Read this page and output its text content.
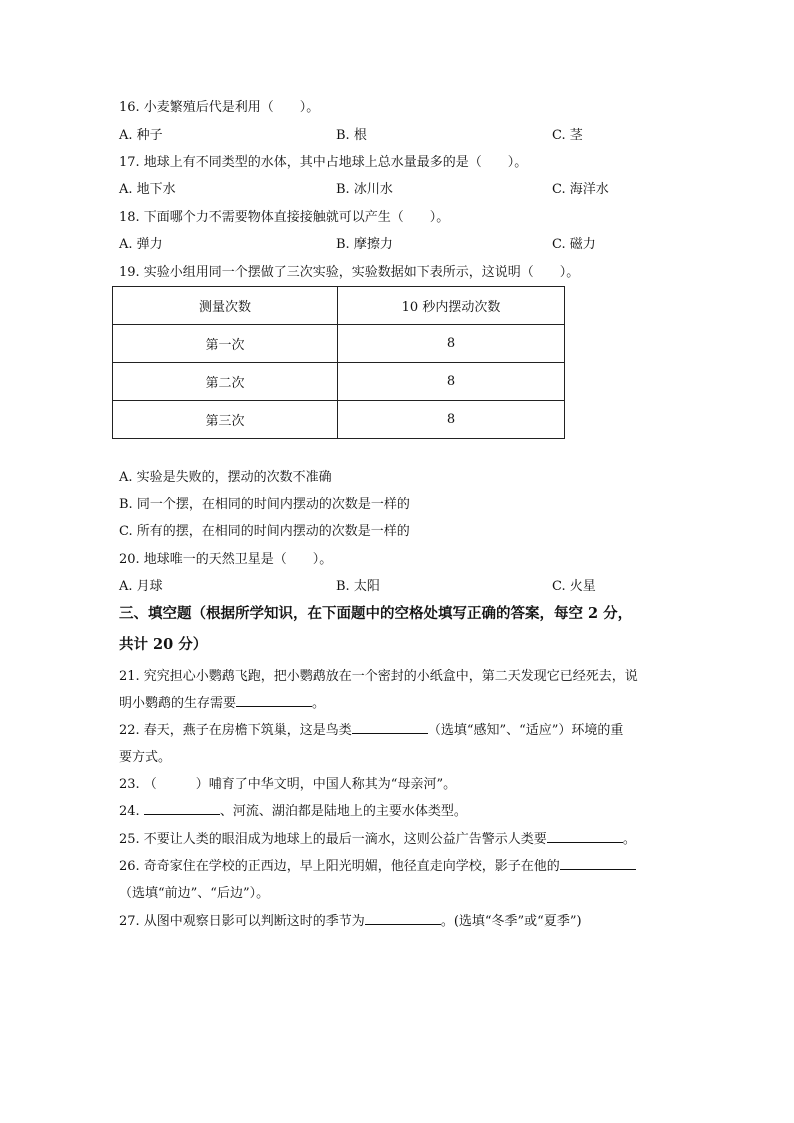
16. 小麦繁殖后代是利用（　　）。
A. 种子	B. 根	C. 茎
17. 地球上有不同类型的水体，其中占地球上总水量最多的是（　　）。
A. 地下水	B. 冰川水	C. 海洋水
18. 下面哪个力不需要物体直接接触就可以产生（　　）。
A. 弹力	B. 摩擦力	C. 磁力
19. 实验小组用同一个摆做了三次实验，实验数据如下表所示，这说明（　　）。
测量次数	10 秒内摆动次数
第一次	8
第二次	8
第三次	8
A. 实验是失败的，摆动的次数不准确
B. 同一个摆，在相同的时间内摆动的次数是一样的
C. 所有的摆，在相同的时间内摆动的次数是一样的
20. 地球唯一的天然卫星是（　　）。
A. 月球	B. 太阳	C. 火星
三、填空题（根据所学知识，在下面题中的空格处填写正确的答案，每空 2 分，
共计 20 分）
21. 究究担心小鹦鹉飞跑，把小鹦鹉放在一个密封的小纸盒中，第二天发现它已经死去，说
明小鹦鹉的生存需要	。
22. 春天，燕子在房檐下筑巢，这是鸟类	（选填“感知”、“适应”）环境的重
要方式。
23. （　　　）哺育了中华文明，中国人称其为“母亲河”。
24.	、河流、湖泊都是陆地上的主要水体类型。
25. 不要让人类的眼泪成为地球上的最后一滴水，这则公益广告警示人类要	。
26. 奇奇家住在学校的正西边，早上阳光明媚，他径直走向学校，影子在他的
（选填“前边”、“后边”）。
27. 从图中观察日影可以判断这时的季节为	。(选填“冬季”或“夏季”)
